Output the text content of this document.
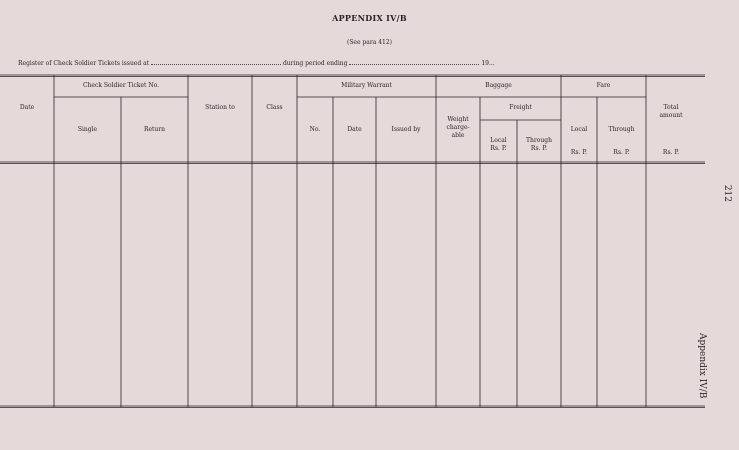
APPENDIX IV/B
(See para 412)
Register of Check Soldier Tickets issued at	during period ending	19...
Date
Check Soldier Ticket No.
Single	Return
Station to	Class
Military Warrant
No.	Date	Issued by
Baggage
Weight
charge-
able
Freight
Local
Rs. P.
Through
Rs. P.
Fare
Local	Through
Rs. P.	Rs. P.
Total
amount
Rs. P.
212
Appendix IV/B
